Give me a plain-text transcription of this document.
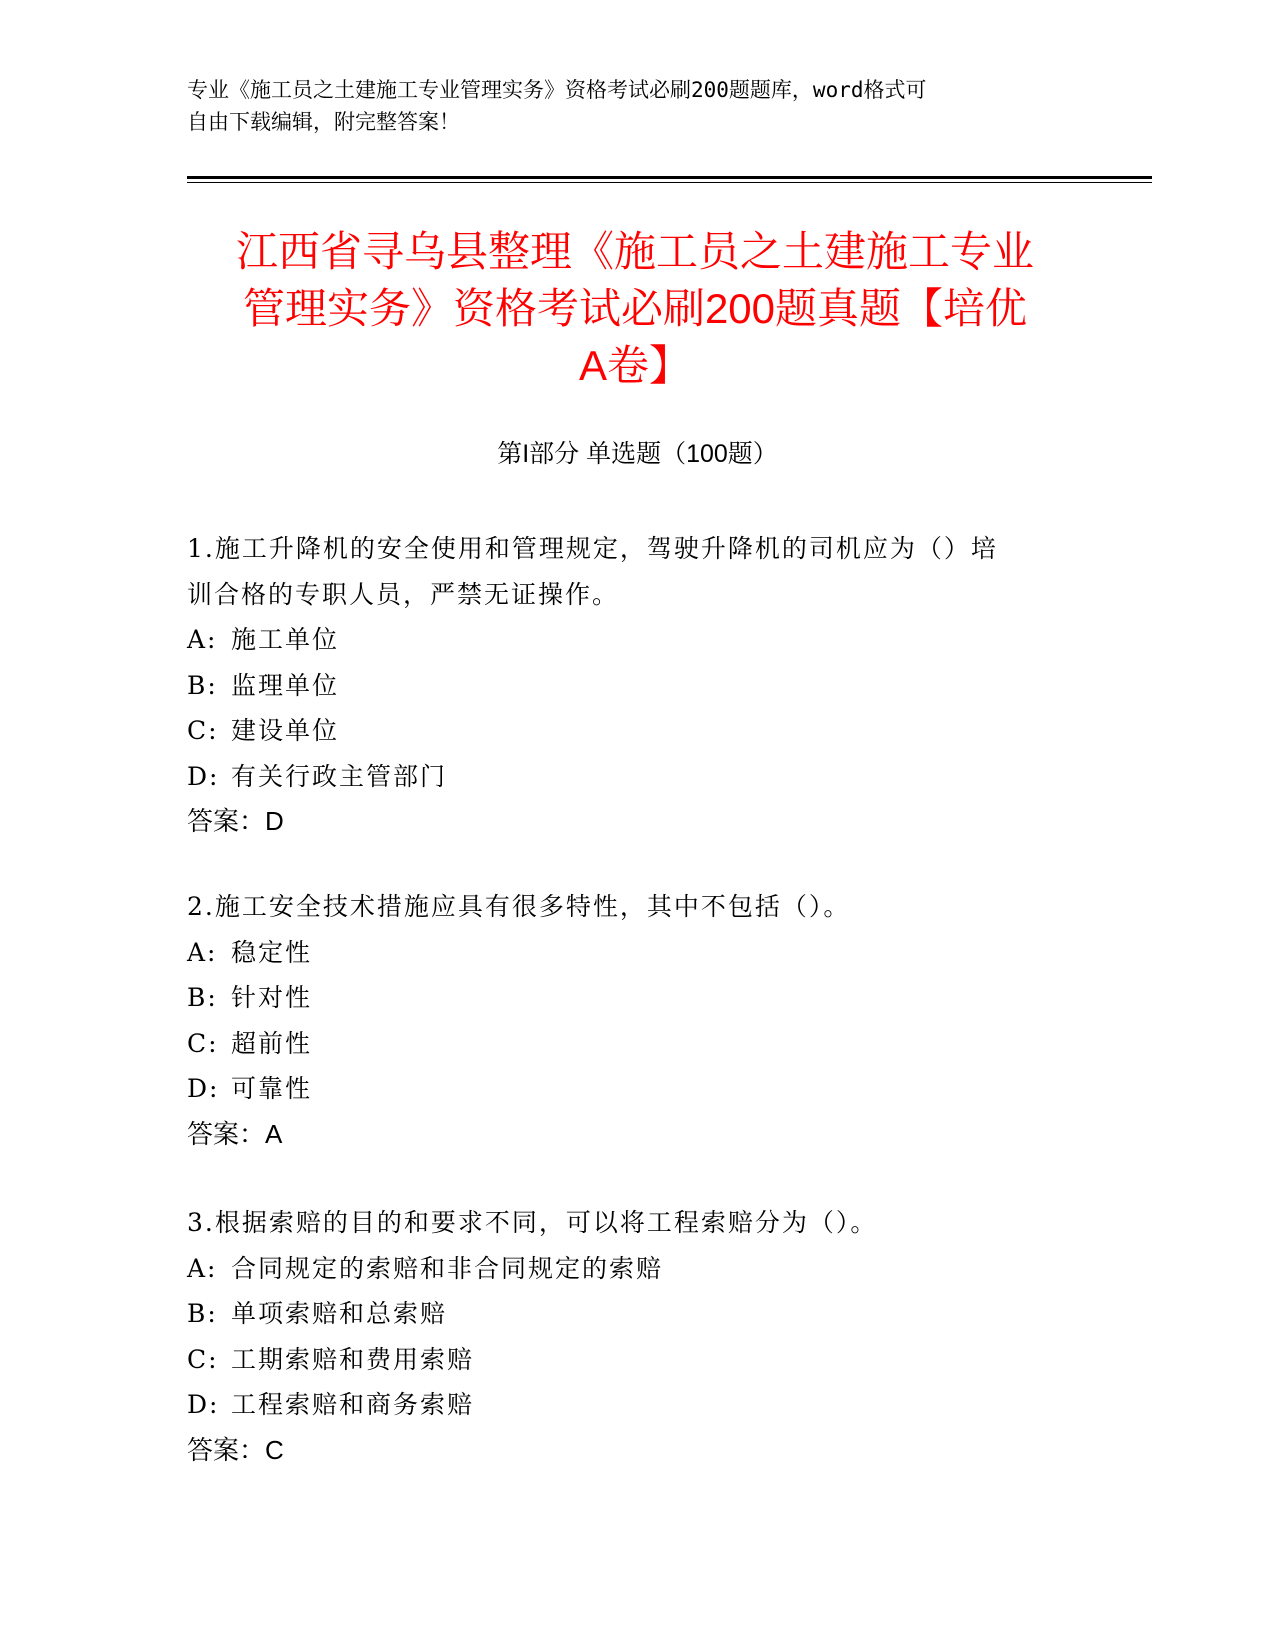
专业《施工员之土建施工专业管理实务》资格考试必刷200题题库，word格式可

自由下载编辑，附完整答案！

江西省寻乌县整理《施工员之土建施工专业

管理实务》资格考试必刷200题真题【培优

A卷】

第I部分 单选题（100题）

1.施工升降机的安全使用和管理规定，驾驶升降机的司机应为（）培

训合格的专职人员，严禁无证操作。

A: 施工单位

B: 监理单位

C: 建设单位

D: 有关行政主管部门

答案：D

2.施工安全技术措施应具有很多特性，其中不包括（）。

A: 稳定性

B: 针对性

C: 超前性

D: 可靠性

答案：A

3.根据索赔的目的和要求不同，可以将工程索赔分为（）。

A: 合同规定的索赔和非合同规定的索赔

B: 单项索赔和总索赔

C: 工期索赔和费用索赔

D: 工程索赔和商务索赔

答案：C
